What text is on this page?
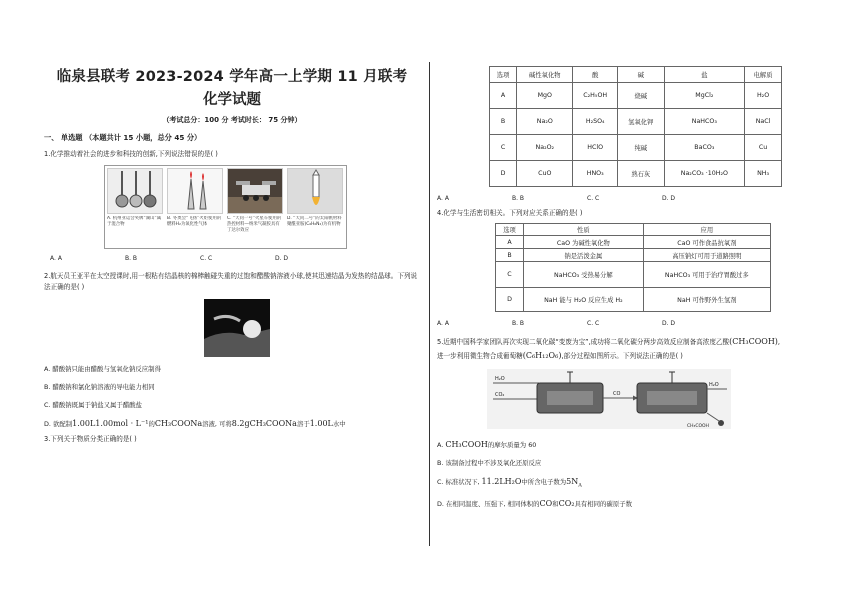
临泉县联考 2023-2024 学年高一上学期 11 月联考
化学试题
（考试总分：100 分 考试时长： 75 分钟）
一、 单选题 （本题共计 15 小题，总分 45 分）
1.化学推动着社会的进步和科技的创新,下列说法错误的是( )
A. 杭州亚运会奖牌“湖山”属于混合物
B. 冬奥会“飞扬”火炬使用的燃料H₂为氧化性气体
C. “天问一号”火星车使用的热控材料—纳米气凝胶具有丁达尔效应
D. “天问二号”的太阳帆材料 聚酰亚胺(C₆H₆N₂)为有机物
A. A	B. B	C. C	D. D
2.航天员王亚平在太空授课时,用一根粘有结晶核的棉棒触碰失重的过饱和醋酸钠溶液小球,使其迅速结晶为发热的结晶球。下列说法正确的是( )
A. 醋酸钠只能由醋酸与氢氧化钠反应制得
B. 醋酸钠和氯化钠溶液的导电能力相同
C. 醋酸钠既属于钠盐又属于醋酸盐
D. 欲配制1.00L1.00mol · L⁻¹的CH₃COONa溶液, 可将8.2gCH₃COONa溶于1.00L水中
3.下列关于物质分类正确的是( )
选项	碱性氧化物	酸	碱	盐	电解质
A	MgO	C₂H₅OH	烧碱	MgCl₂	H₂O
B	Na₂O	H₂SO₄	氢氧化钾	NaHCO₃	NaCl
C	Na₂O₂	HClO	纯碱	BaCO₃	Cu
D	CuO	HNO₃	熟石灰	Na₂CO₃ ·10H₂O	NH₃
A. A	B. B	C. C	D. D
4.化学与生活密切相关。下列对应关系正确的是( )
选项	性质	应用
A	CaO 为碱性氧化物	CaO 可作食品抗氧剂
B	钠是活泼金属	高压钠灯可用于道路照明
C	NaHCO₃ 受热易分解	NaHCO₃ 可用于治疗胃酸过多
D	NaH 能与 H₂O 反应生成 H₂	NaH 可作野外生氢剂
A. A	B. B	C. C	D. D
5.近期中国科学家团队再次实现二氧化碳“变废为宝”,成功将二氧化碳分两步高效反应制备高浓度乙酸(CH₃COOH),进一步利用微生物合成葡萄糖(C₆H₁₂O₆),部分过程如图所示。下列说法正确的是( )
H₂O
CO₂	CO
H₂O
CH₃COOH
A. CH₃COOH的摩尔质量为 60
B. 该制备过程中不涉及氧化还原反应
C. 标准状况下, 11.2LH₂O中所含电子数为$5N_A$
D. 在相同温度、压强下, 相同体积的CO和CO₂具有相同的碳原子数
